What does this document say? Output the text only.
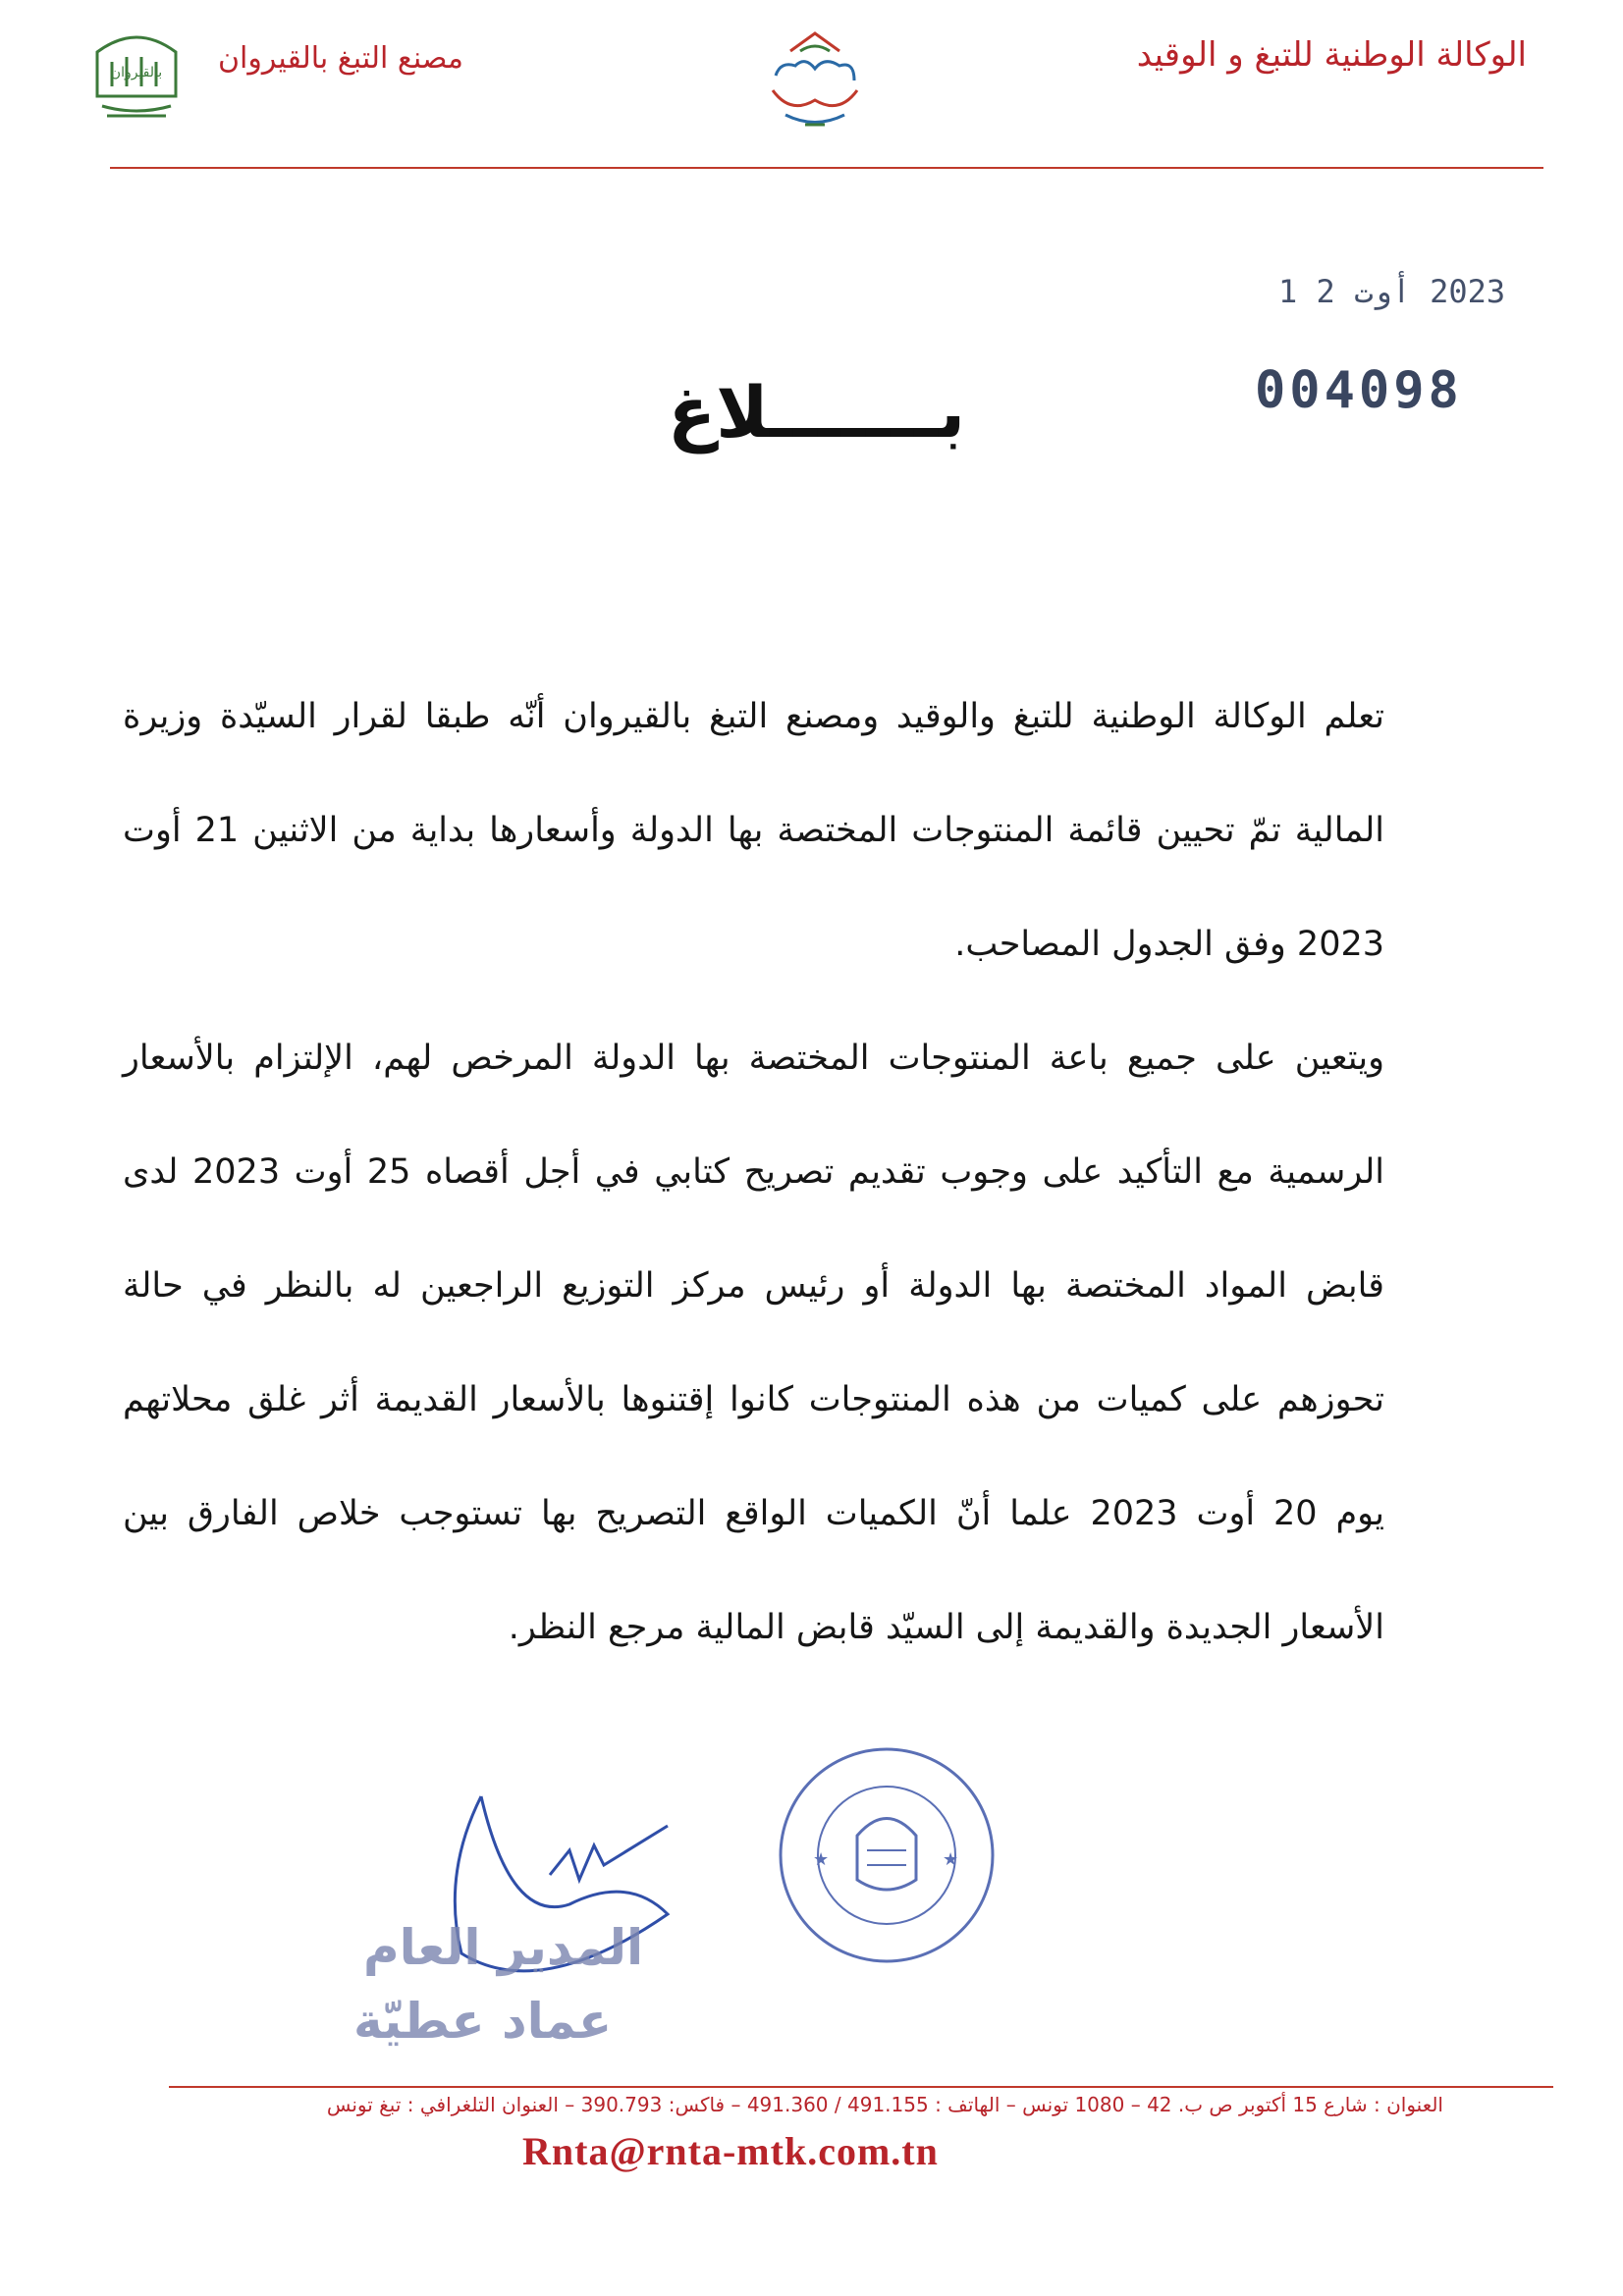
بالقيروان مصنع التبغ بالقيروان	الوكالة الوطنية للتبغ و الوقيد
2023 أوت 2 1
004098
بـــــــلاغ

تعلم الوكالة الوطنية للتبغ والوقيد ومصنع التبغ بالقيروان أنّه طبقا لقرار السيّدة وزيرة المالية تمّ تحيين قائمة المنتوجات المختصة بها الدولة وأسعارها بداية من الاثنين 21 أوت 2023 وفق الجدول المصاحب.

ويتعين على جميع باعة المنتوجات المختصة بها الدولة المرخص لهم، الإلتزام بالأسعار الرسمية مع التأكيد على وجوب تقديم تصريح كتابي في أجل أقصاه 25 أوت 2023 لدى قابض المواد المختصة بها الدولة أو رئيس مركز التوزيع الراجعين له بالنظر في حالة تحوزهم على كميات من هذه المنتوجات كانوا إقتنوها بالأسعار القديمة أثر غلق محلاتهم يوم 20 أوت 2023 علما أنّ الكميات الواقع التصريح بها تستوجب خلاص الفارق بين الأسعار الجديدة والقديمة إلى السيّد قابض المالية مرجع النظر.

★	★
المدير العام
عماد عطيّة
العنوان : شارع 15 أكتوبر ص ب. 42 – 1080 تونس – الهاتف : 491.155 / 491.360 – فاكس: 390.793 – العنوان التلغرافي : تبغ تونس
Rnta@rnta-mtk.com.tn
